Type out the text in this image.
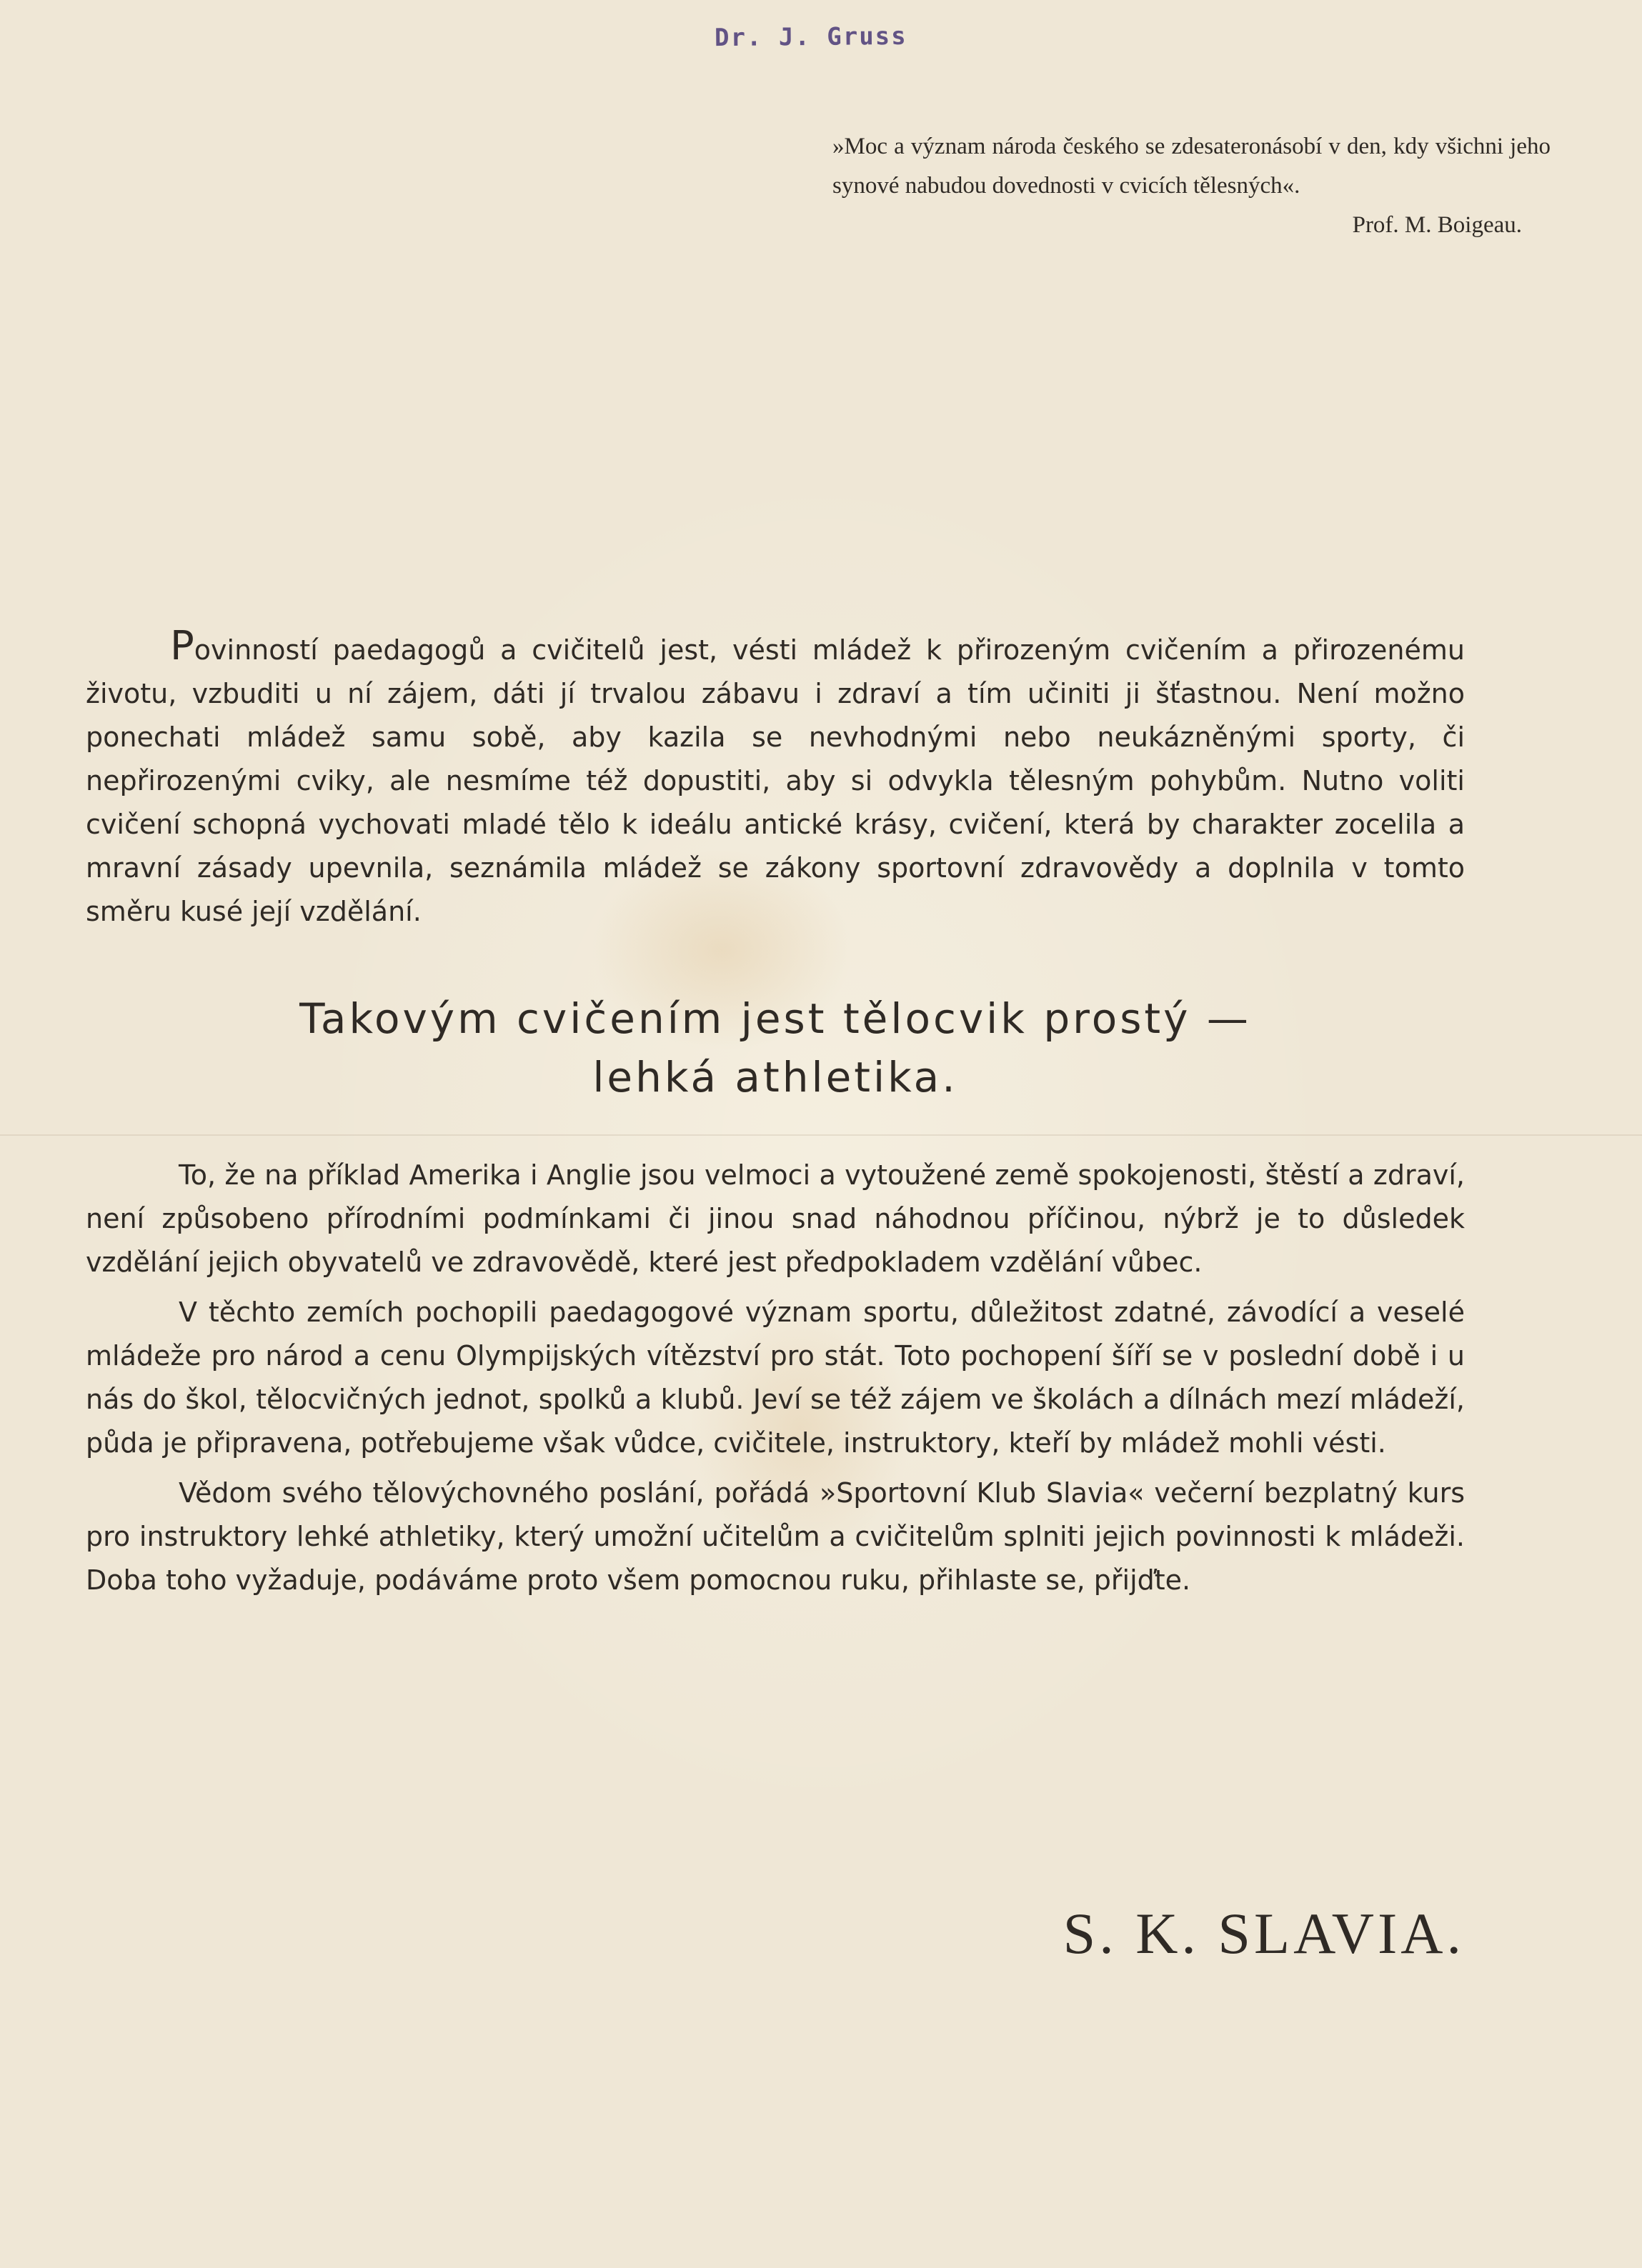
Dr. J. Gruss

»Moc a význam národa českého se zdesateronásobí v den, kdy všichni jeho synové nabudou dovednosti v cvicích tělesných«.

Prof. M. Boigeau.

Povinností paedagogů a cvičitelů jest, vésti mládež k přirozeným cvičením a přirozenému životu, vzbuditi u ní zájem, dáti jí trvalou zábavu i zdraví a tím učiniti ji šťastnou. Není možno ponechati mládež samu sobě, aby kazila se nevhodnými nebo neukázněnými sporty, či nepřirozenými cviky, ale nesmíme též dopustiti, aby si odvykla tělesným pohybům. Nutno voliti cvičení schopná vychovati mladé tělo k ideálu antické krásy, cvičení, která by charakter zocelila a mravní zásady upevnila, seznámila mládež se zákony sportovní zdravovědy a doplnila v tomto směru kusé její vzdělání.

Takovým cvičením jest tělocvik prostý —
lehká athletika.

To, že na příklad Amerika i Anglie jsou velmoci a vytoužené země spokojenosti, štěstí a zdraví, není způsobeno přírodními podmínkami či jinou snad náhodnou příčinou, nýbrž je to důsledek vzdělání jejich obyvatelů ve zdravovědě, které jest předpokladem vzdělání vůbec.

V těchto zemích pochopili paedagogové význam sportu, důležitost zdatné, závodící a veselé mládeže pro národ a cenu Olympijských vítězství pro stát. Toto pochopení šíří se v poslední době i u nás do škol, tělocvičných jednot, spolků a klubů. Jeví se též zájem ve školách a dílnách mezí mládeží, půda je připravena, potřebujeme však vůdce, cvičitele, instruktory, kteří by mládež mohli vésti.

Vědom svého tělovýchovného poslání, pořádá »Sportovní Klub Slavia« večerní bezplatný kurs pro instruktory lehké athletiky, který umožní učitelům a cvičitelům splniti jejich povinnosti k mládeži. Doba toho vyžaduje, podáváme proto všem pomocnou ruku, přihlaste se, přijďte.

S. K. SLAVIA.
